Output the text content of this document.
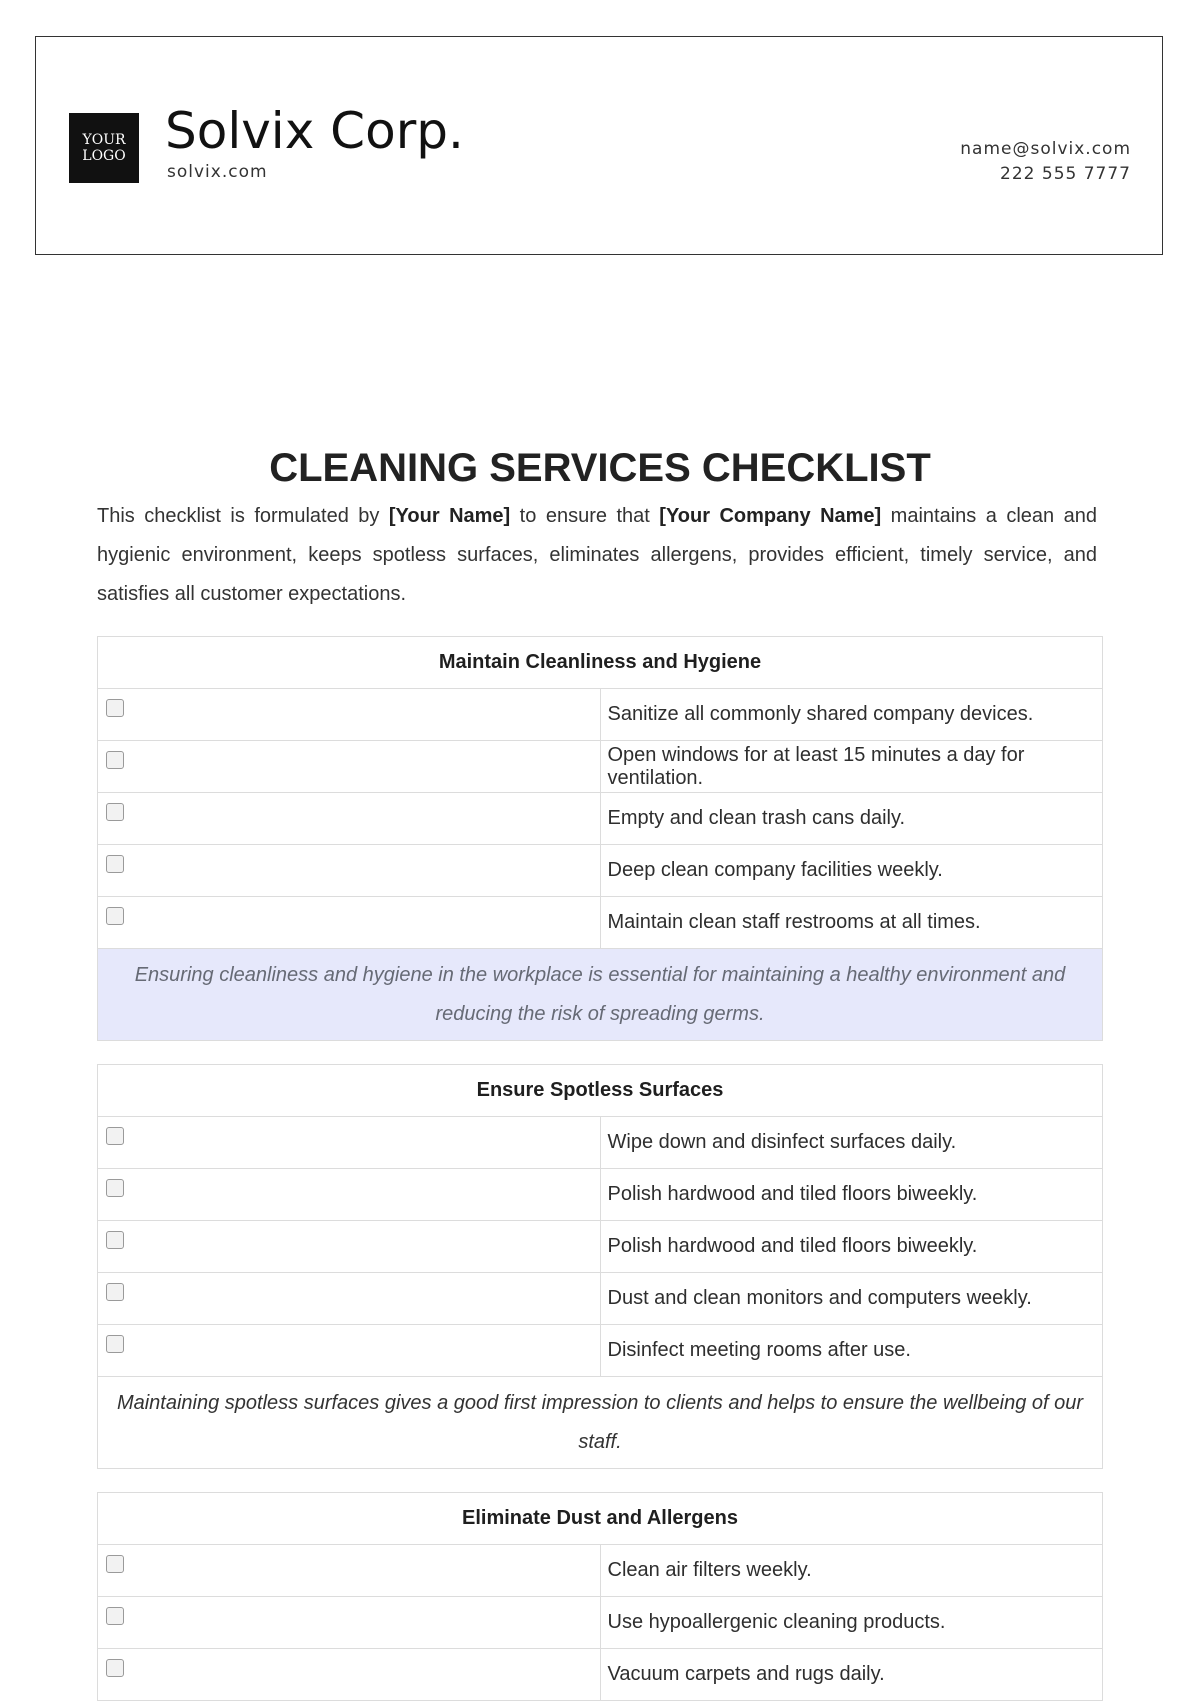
YOUR
LOGO Solvix Corp.
solvix.com
name@solvix.com
222 555 7777
CLEANING SERVICES CHECKLIST
This checklist is formulated by [Your Name] to ensure that [Your Company Name] maintains a clean and hygienic environment, keeps spotless surfaces, eliminates allergens, provides efficient, timely service, and satisfies all customer expectations.
Maintain Cleanliness and Hygiene	

	Sanitize all commonly shared company devices.

	Open windows for at least 15 minutes a day for ventilation.

	Empty and clean trash cans daily.

	Deep clean company facilities weekly.

	Maintain clean staff restrooms at all times.
Ensuring cleanliness and hygiene in the workplace is essential for maintaining a healthy environment and reducing the risk of spreading germs.	
Ensure Spotless Surfaces	

	Wipe down and disinfect surfaces daily.

	Polish hardwood and tiled floors biweekly.

	Polish hardwood and tiled floors biweekly.

	Dust and clean monitors and computers weekly.

	Disinfect meeting rooms after use.
Maintaining spotless surfaces gives a good first impression to clients and helps to ensure the wellbeing of our staff.	
Eliminate Dust and Allergens	

	Clean air filters weekly.

	Use hypoallergenic cleaning products.

	Vacuum carpets and rugs daily.
